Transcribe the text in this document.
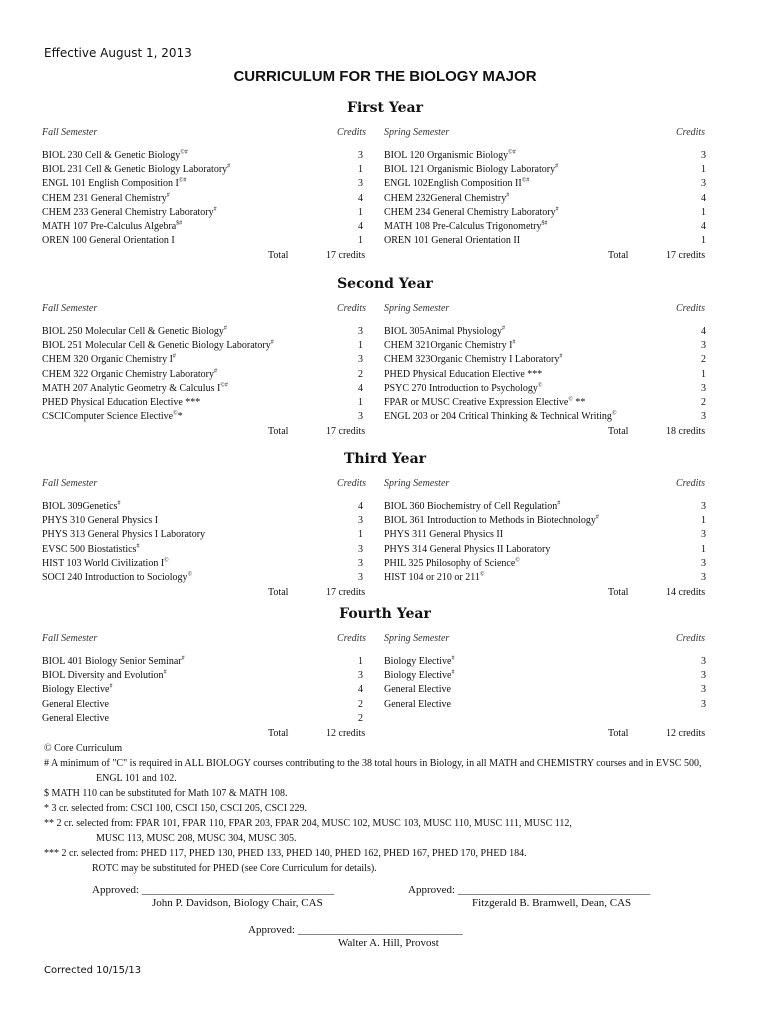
Effective August 1, 2013
CURRICULUM FOR THE BIOLOGY MAJOR
First Year
Fall Semester	Credits
BIOL 230 Cell & Genetic Biology©#	3
BIOL 231 Cell & Genetic Biology Laboratory#	1
ENGL 101 English Composition I©#	3
CHEM 231 General Chemistry#	4
CHEM 233 General Chemistry Laboratory#	1
MATH 107 Pre-Calculus Algebra$#	4
OREN 100 General Orientation I	1
Total	17 credits
Spring Semester	Credits
BIOL 120 Organismic Biology©#	3
BIOL 121 Organismic Biology Laboratory#	1
ENGL 102English Composition II©#	3
CHEM 232General Chemistry#	4
CHEM 234 General Chemistry Laboratory#	1
MATH 108 Pre-Calculus Trigonometry$#	4
OREN 101 General Orientation II	1
Total	17 credits
Second Year
Fall Semester	Credits
BIOL 250 Molecular Cell & Genetic Biology#	3
BIOL 251 Molecular Cell & Genetic Biology Laboratory#	1
CHEM 320 Organic Chemistry I#	3
CHEM 322 Organic Chemistry Laboratory#	2
MATH 207 Analytic Geometry & Calculus I©#	4
PHED Physical Education Elective ***	1
CSCIComputer Science Elective©*	3
Total	17 credits
Spring Semester	Credits
BIOL 305Animal Physiology#	4
CHEM 321Organic Chemistry I#	3
CHEM 323Organic Chemistry I Laboratory#	2
PHED Physical Education Elective ***	1
PSYC 270 Introduction to Psychology©	3
FPAR or MUSC Creative Expression Elective© **	2
ENGL 203 or 204 Critical Thinking & Technical Writing©	3
Total	18 credits
Third Year
Fall Semester	Credits
BIOL 309Genetics#	4
PHYS 310 General Physics I	3
PHYS 313 General Physics I Laboratory	1
EVSC 500 Biostatistics#	3
HIST 103 World Civilization I©	3
SOCI 240 Introduction to Sociology©	3
Total	17 credits
Spring Semester	Credits
BIOL 360 Biochemistry of Cell Regulation#	3
BIOL 361 Introduction to Methods in Biotechnology#	1
PHYS 311 General Physics II	3
PHYS 314 General Physics II Laboratory	1
PHIL 325 Philosophy of Science©	3
HIST 104 or 210 or 211©	3
Total	14 credits
Fourth Year
Fall Semester	Credits
BIOL 401 Biology Senior Seminar#	1
BIOL Diversity and Evolution#	3
Biology Elective#	4
General Elective	2
General Elective	2
Total	12 credits
Spring Semester	Credits
Biology Elective#	3
Biology Elective#	3
General Elective	3
General Elective	3
Total	12 credits
© Core Curriculum
# A minimum of "C" is required in ALL BIOLOGY courses contributing to the 38 total hours in Biology, in all MATH and CHEMISTRY courses and in EVSC 500,
ENGL 101 and 102.
$ MATH 110 can be substituted for Math 107 & MATH 108.
* 3 cr. selected from: CSCI 100, CSCI 150, CSCI 205, CSCI 229.
** 2 cr. selected from: FPAR 101, FPAR 110, FPAR 203, FPAR 204, MUSC 102, MUSC 103, MUSC 110, MUSC 111, MUSC 112,
MUSC 113, MUSC 208, MUSC 304, MUSC 305.
*** 2 cr. selected from: PHED 117, PHED 130, PHED 133, PHED 140, PHED 162, PHED 167, PHED 170, PHED 184.
ROTC may be substituted for PHED (see Core Curriculum for details).
Approved: ___________________________________
John P. Davidson, Biology Chair, CAS
Approved: ___________________________________
Fitzgerald B. Bramwell, Dean, CAS
Approved: ______________________________
Walter A. Hill, Provost
Corrected 10/15/13
